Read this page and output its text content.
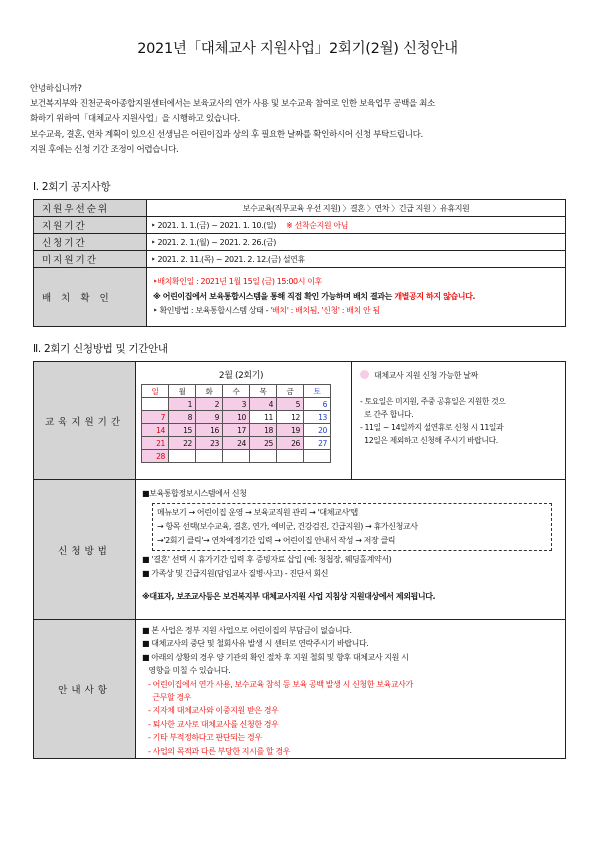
2021년「대체교사 지원사업」2회기(2월) 신청안내

안녕하십니까?

보건복지부와 진천군육아종합지원센터에서는 보육교사의 연가 사용 및 보수교육 참여로 인한 보육업무 공백을 최소

화하기 위하여「대체교사 지원사업」을 시행하고 있습니다.

보수교육, 결혼, 연차 계획이 있으신 선생님은 어린이집과 상의 후 필요한 날짜를 확인하시어 신청 부탁드립니다.

지원 후에는 신청 기간 조정이 어렵습니다.

Ⅰ. 2회기 공지사항
지원우선순위	보수교육(직무교육 우선 지원) 〉결혼 〉연차 〉긴급 지원 〉유휴지원
지원기간	‣ 2021. 1. 1.(금) ~ 2021. 1. 10.(일) ※ 선착순지원 아님
신청기간	‣ 2021. 2. 1.(월) ~ 2021. 2. 26.(금)
미지원기간	‣ 2021. 2. 11.(목) ~ 2021. 2. 12.(금) 설연휴
배치확인	‣배치확인일 : 2021년 1월 15일 (금) 15:00시 이후
※ 어린이집에서 보육통합시스템을 통해 직접 확인 가능하며 배치 결과는 개별공지 하지 않습니다.
‣ 확인방법 : 보육통합시스템 상태 - '배치' : 배치됨, '신청' : 배치 안 됨
Ⅱ. 2회기 신청방법 및 기간안내
교육지원기간	
2월 (2회기)
일	월	화	수	목	금	토
	1	2	3	4	5	6
7	8	9	10	11	12	13
14	15	16	17	18	19	20
21	22	23	24	25	26	27
28						

대체교사 지원 신청 가능한 날짜
- 토요일은 미지원, 주중 공휴일은 지원한 것으
로 간주 합니다.
- 11일 ~ 14일까지 설연휴로 신청 시 11일과
12일은 제외하고 신청해 주시기 바랍니다.

신청방법	
■보육통합정보시스템에서 신청
메뉴보기 → 어린이집 운영 → 보육교직원 관리 → '대체교사'탭
→ 항목 선택(보수교육, 결혼, 연가, 예비군, 건강검진, 긴급지원) → 휴가신청교사
→'2회기 클릭'→ 연차예정기간 입력 → 어린이집 안내서 작성 → 저장 클릭
■ '결혼' 선택 시 휴가기간 입력 후 증빙자료 삽입 (예: 청첩장, 웨딩홀계약서)
■ 가족상 및 긴급지원(담임교사 질병·사고) - 진단서 회신
※대표자, 보조교사등은 보건복지부 대체교사지원 사업 지침상 지원대상에서 제외됩니다.

안내사항	
■ 본 사업은 정부 지원 사업으로 어린이집의 부담금이 없습니다.
■ 대체교사의 중단 및 철회사유 발생 시 센터로 연락주시기 바랍니다.
■ 아래의 상황의 경우 양 기관의 확인 절차 후 지원 철회 및 향후 대체교사 지원 시
영향을 미칠 수 있습니다.
- 어린이집에서 연가 사용, 보수교육 참석 등 보육 공백 발생 시 신청한 보육교사가
근무할 경우
- 지자체 대체교사와 이중지원 받은 경우
- 퇴사한 교사로 대체교사를 신청한 경우
- 기타 부적정하다고 판단되는 경우
- 사업의 목적과 다른 부당한 지시를 할 경우
